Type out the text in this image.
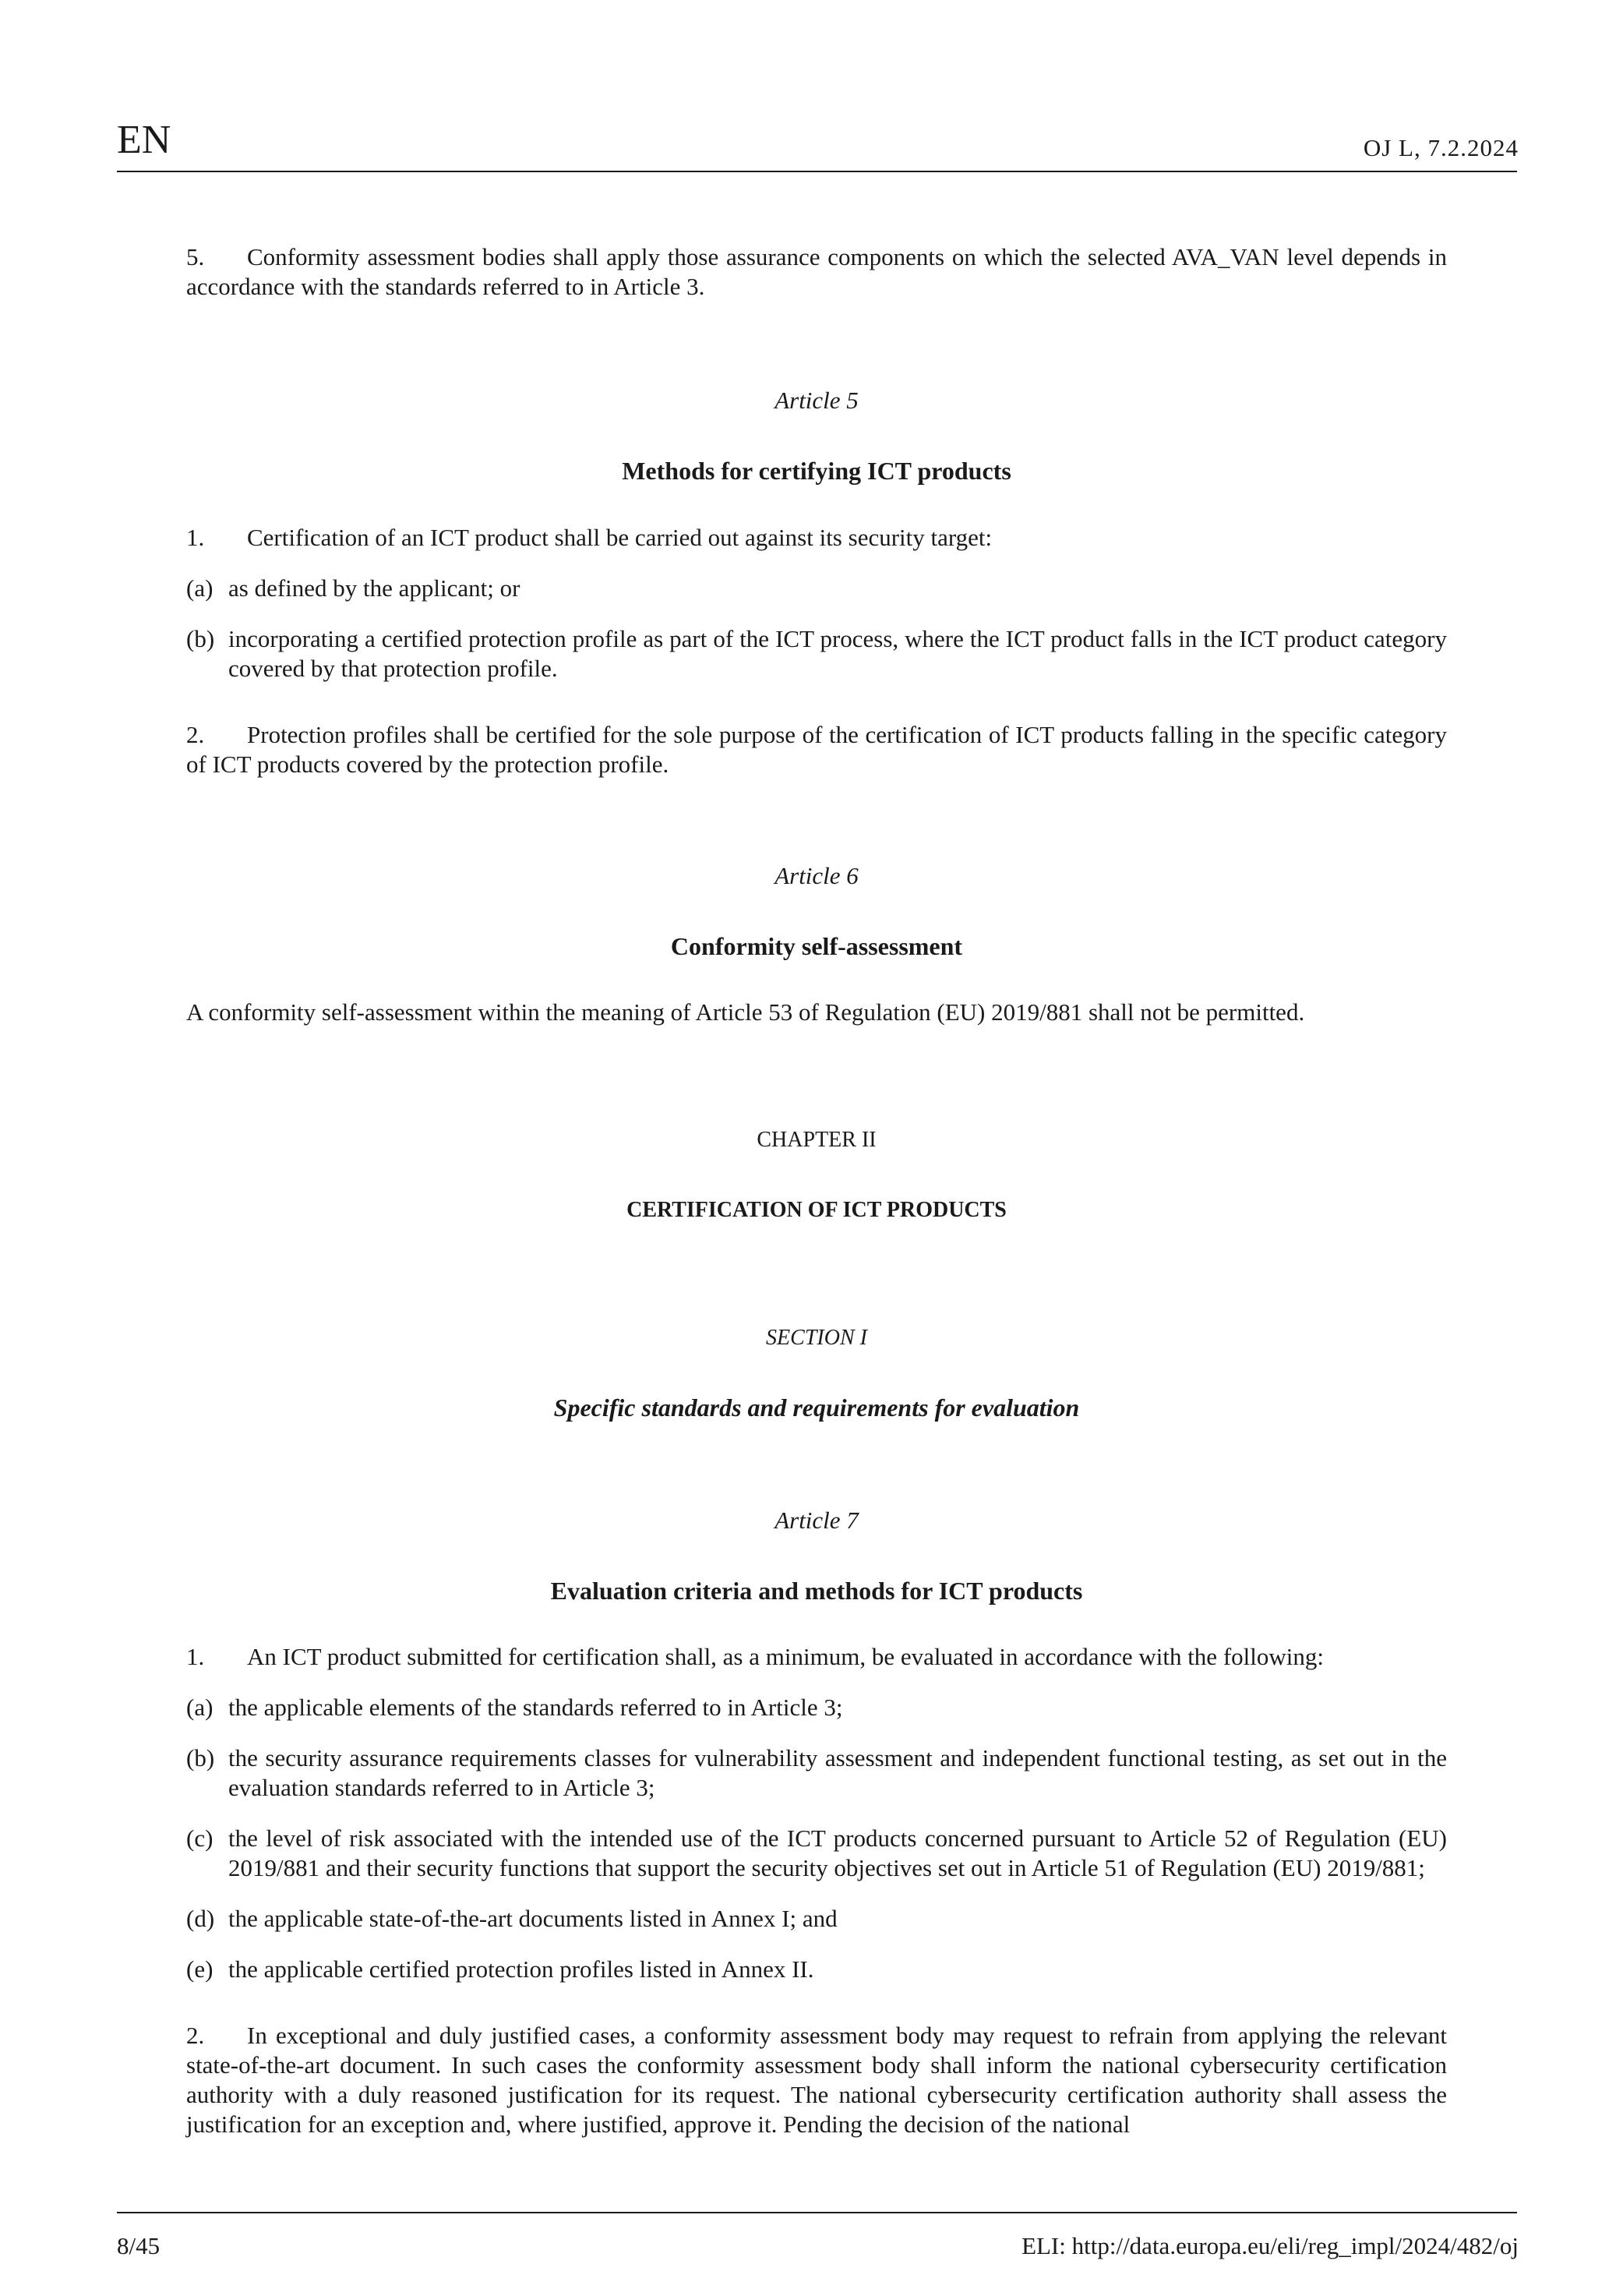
EN	OJ L, 7.2.2024

5. Conformity assessment bodies shall apply those assurance components on which the selected AVA_VAN level depends in accordance with the standards referred to in Article 3.

Article 5

Methods for certifying ICT products

1. Certification of an ICT product shall be carried out against its security target:

(a) as defined by the applicant; or
(b) incorporating a certified protection profile as part of the ICT process, where the ICT product falls in the ICT product category covered by that protection profile.

2. Protection profiles shall be certified for the sole purpose of the certification of ICT products falling in the specific category of ICT products covered by the protection profile.

Article 6

Conformity self-assessment

A conformity self-assessment within the meaning of Article 53 of Regulation (EU) 2019/881 shall not be permitted.

CHAPTER II

CERTIFICATION OF ICT PRODUCTS

SECTION I

Specific standards and requirements for evaluation

Article 7

Evaluation criteria and methods for ICT products

1. An ICT product submitted for certification shall, as a minimum, be evaluated in accordance with the following:

(a) the applicable elements of the standards referred to in Article 3;
(b) the security assurance requirements classes for vulnerability assessment and independent functional testing, as set out in the evaluation standards referred to in Article 3;
(c) the level of risk associated with the intended use of the ICT products concerned pursuant to Article 52 of Regulation (EU) 2019/881 and their security functions that support the security objectives set out in Article 51 of Regulation (EU) 2019/881;
(d) the applicable state-of-the-art documents listed in Annex I; and
(e) the applicable certified protection profiles listed in Annex II.

2. In exceptional and duly justified cases, a conformity assessment body may request to refrain from applying the relevant state-of-the-art document. In such cases the conformity assessment body shall inform the national cybersecurity certification authority with a duly reasoned justification for its request. The national cybersecurity certification authority shall assess the justification for an exception and, where justified, approve it. Pending the decision of the national

8/45	ELI: http://data.europa.eu/eli/reg_impl/2024/482/oj
